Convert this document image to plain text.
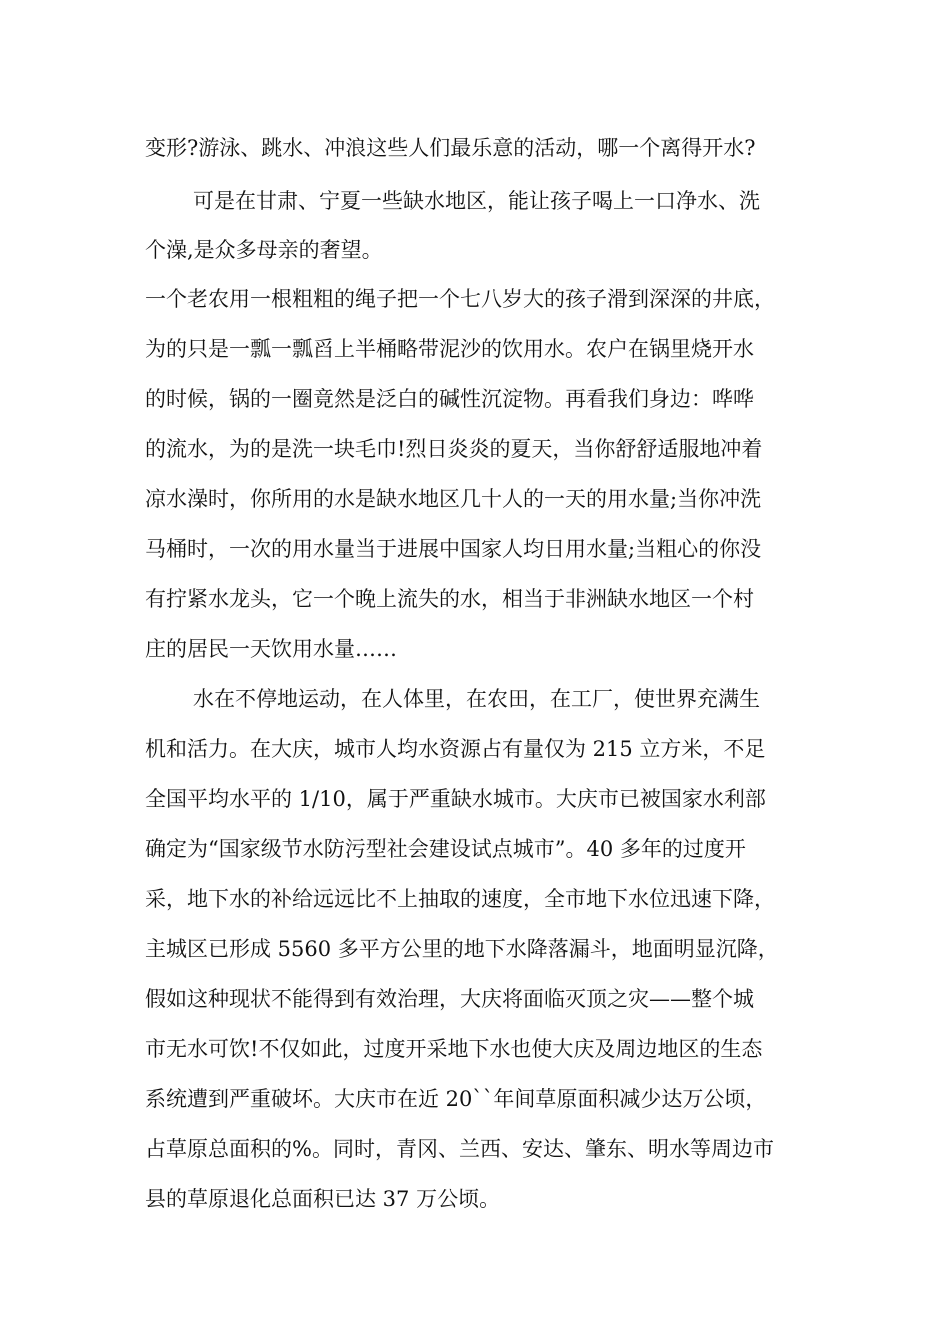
变形?游泳、跳水、冲浪这些人们最乐意的活动，哪一个离得开水?
可是在甘肃、宁夏一些缺水地区，能让孩子喝上一口净水、洗
个澡,是众多母亲的奢望。
一个老农用一根粗粗的绳子把一个七八岁大的孩子滑到深深的井底，
为的只是一瓢一瓢舀上半桶略带泥沙的饮用水。农户在锅里烧开水
的时候，锅的一圈竟然是泛白的碱性沉淀物。再看我们身边：哗哗
的流水，为的是洗一块毛巾!烈日炎炎的夏天，当你舒舒适服地冲着
凉水澡时，你所用的水是缺水地区几十人的一天的用水量;当你冲洗
马桶时，一次的用水量当于进展中国家人均日用水量;当粗心的你没
有拧紧水龙头，它一个晚上流失的水，相当于非洲缺水地区一个村
庄的居民一天饮用水量……
水在不停地运动，在人体里，在农田，在工厂，使世界充满生
机和活力。在大庆，城市人均水资源占有量仅为 215 立方米，不足
全国平均水平的 1/10，属于严重缺水城市。大庆市已被国家水利部
确定为“国家级节水防污型社会建设试点城市”。40 多年的过度开
采，地下水的补给远远比不上抽取的速度，全市地下水位迅速下降，
主城区已形成 5560 多平方公里的地下水降落漏斗，地面明显沉降，
假如这种现状不能得到有效治理，大庆将面临灭顶之灾——整个城
市无水可饮!不仅如此，过度开采地下水也使大庆及周边地区的生态
系统遭到严重破坏。大庆市在近 20``年间草原面积减少达万公顷，
占草原总面积的%。同时，青冈、兰西、安达、肇东、明水等周边市
县的草原退化总面积已达 37 万公顷。
